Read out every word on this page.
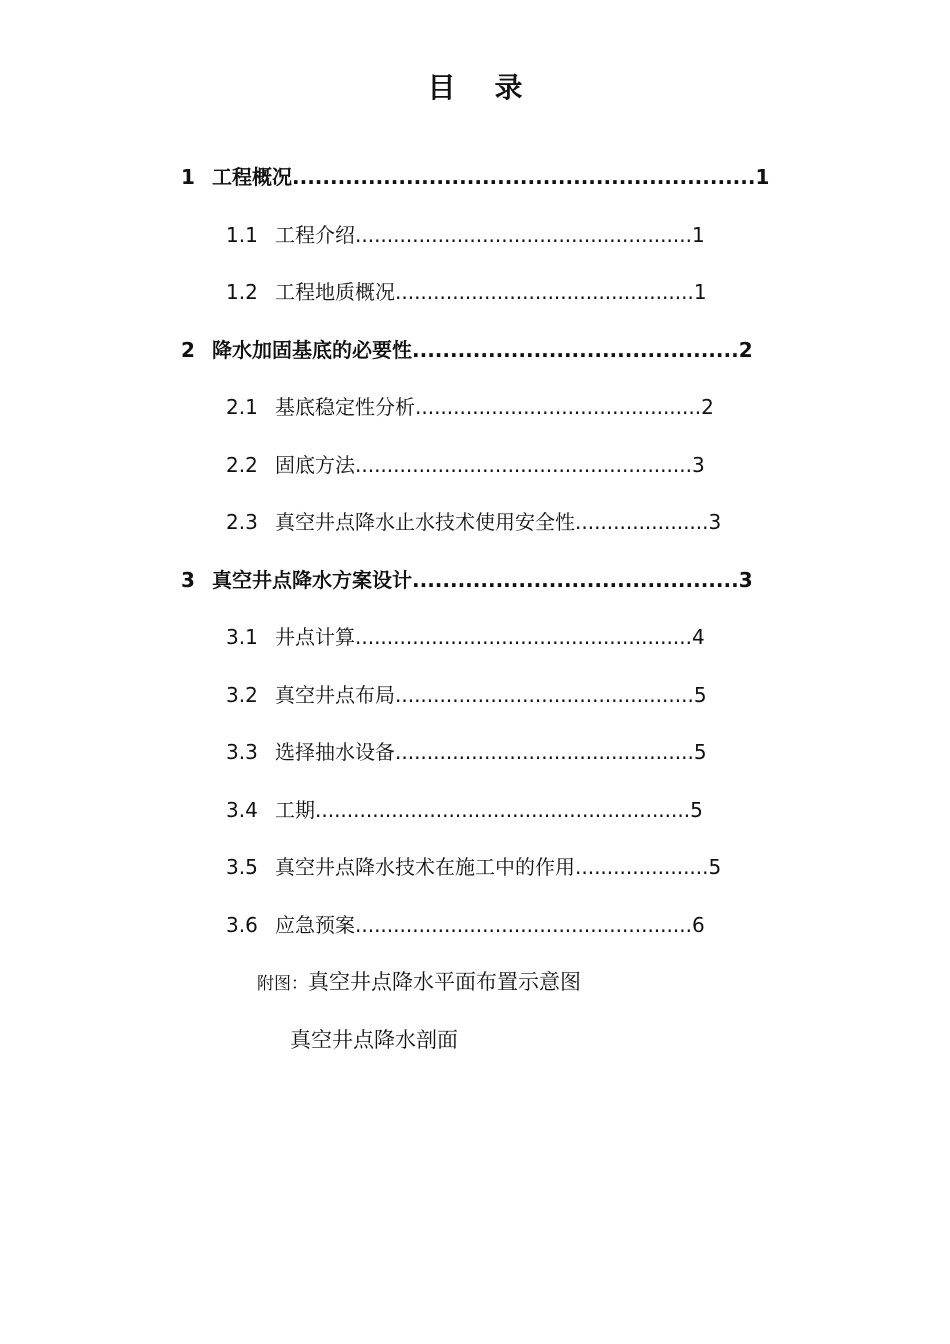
目    录
1 工程概况 ............................................................. 1
1.1 工程介绍 ..................................................... 1
1.2 工程地质概况 ............................................... 1
2 降水加固基底的必要性 ........................................... 2
2.1 基底稳定性分析 ............................................. 2
2.2 固底方法 ..................................................... 3
2.3 真空井点降水止水技术使用安全性 ..................... 3
3 真空井点降水方案设计 ........................................... 3
3.1 井点计算 ..................................................... 4
3.2 真空井点布局 ............................................... 5
3.3 选择抽水设备 ............................................... 5
3.4 工期 ........................................................... 5
3.5 真空井点降水技术在施工中的作用 ..................... 5
3.6 应急预案 ..................................................... 6
附图：真空井点降水平面布置示意图
真空井点降水剖面
